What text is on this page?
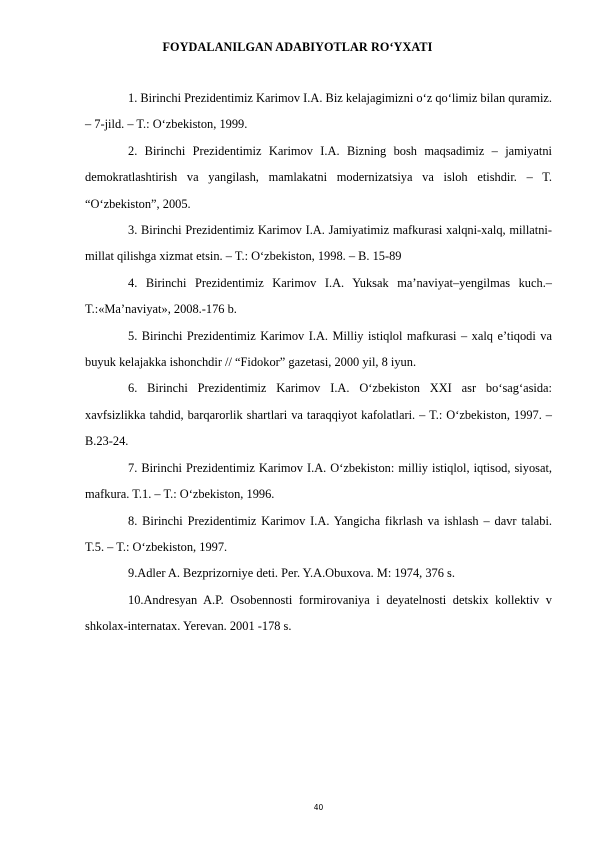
FOYDALANILGAN ADABIYOTLAR RO‘YXATI

1. Birinchi Prezidentimiz Karimov I.A. Biz kelajagimizni o‘z qo‘limiz bilan quramiz. – 7-jild. – T.: O‘zbekiston, 1999.

2. Birinchi Prezidentimiz Karimov I.A. Bizning bosh maqsadimiz – jamiyatni demokratlashtirish va yangilash, mamlakatni modernizatsiya va isloh etishdir. – T. “O‘zbekiston”, 2005.

3. Birinchi Prezidentimiz Karimov I.A. Jamiyatimiz mafkurasi xalqni-xalq, millatni-millat qilishga xizmat etsin. – T.: O‘zbekiston, 1998. – B. 15-89

4. Birinchi Prezidentimiz Karimov I.A. Yuksak ma’naviyat–yengilmas kuch.–T.:«Ma’naviyat», 2008.-176 b.

5. Birinchi Prezidentimiz Karimov I.A. Milliy istiqlol mafkurasi – xalq e’tiqodi va buyuk kelajakka ishonchdir // “Fidokor” gazetasi, 2000 yil, 8 iyun.

6. Birinchi Prezidentimiz Karimov I.A. O‘zbekiston XXI asr bo‘sag‘asida: xavfsizlikka tahdid, barqarorlik shartlari va taraqqiyot kafolatlari. – T.: O‘zbekiston, 1997. – B.23-24.

7. Birinchi Prezidentimiz Karimov I.A. O‘zbekiston: milliy istiqlol, iqtisod, siyosat, mafkura. T.1. – T.: O‘zbekiston, 1996.

8. Birinchi Prezidentimiz Karimov I.A. Yangicha fikrlash va ishlash – davr talabi. T.5. – T.: O‘zbekiston, 1997.

9.Adler A. Bezprizorniye deti. Per. Y.A.Obuxova. M: 1974, 376 s.

10.Andresyan A.P. Osobennosti formirovaniya i deyatelnosti detskix kollektiv v shkolax-internatax. Yerevan. 2001 -178 s.

40
